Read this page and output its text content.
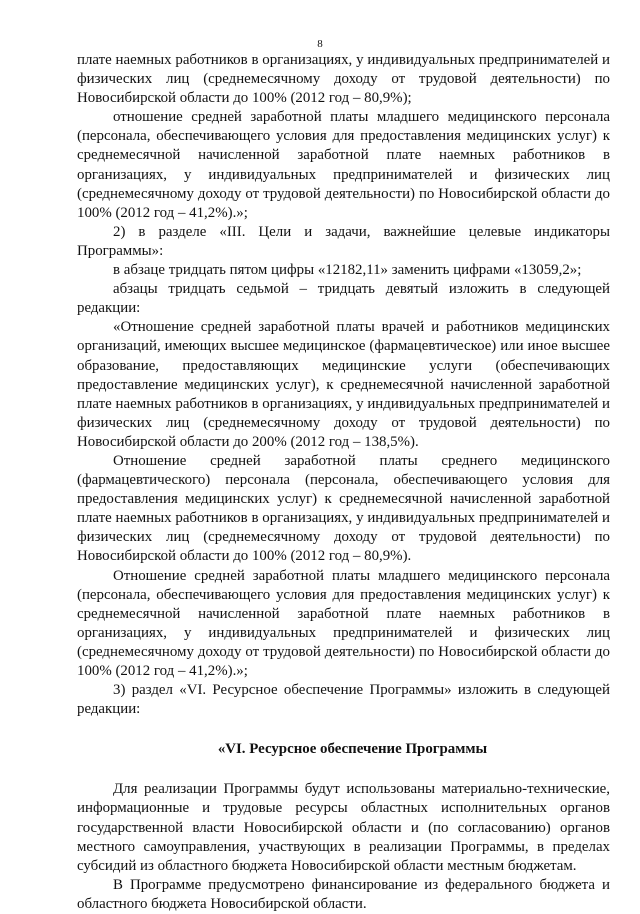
8

плате наемных работников в организациях, у индивидуальных предпринимателей и физических лиц (среднемесячному доходу от трудовой деятельности) по Новосибирской области до 100% (2012 год – 80,9%);

отношение средней заработной платы младшего медицинского персонала (персонала, обеспечивающего условия для предоставления медицинских услуг) к среднемесячной начисленной заработной плате наемных работников в организациях, у индивидуальных предпринимателей и физических лиц (среднемесячному доходу от трудовой деятельности) по Новосибирской области до 100% (2012 год – 41,2%).»;

2) в разделе «III. Цели и задачи, важнейшие целевые индикаторы Программы»:

в абзаце тридцать пятом цифры «12182,11» заменить цифрами «13059,2»;

абзацы тридцать седьмой – тридцать девятый изложить в следующей редакции:

«Отношение средней заработной платы врачей и работников медицинских организаций, имеющих высшее медицинское (фармацевтическое) или иное высшее образование, предоставляющих медицинские услуги (обеспечивающих предоставление медицинских услуг), к среднемесячной начисленной заработной плате наемных работников в организациях, у индивидуальных предпринимателей и физических лиц (среднемесячному доходу от трудовой деятельности) по Новосибирской области до 200% (2012 год – 138,5%).

Отношение средней заработной платы среднего медицинского (фармацевтического) персонала (персонала, обеспечивающего условия для предоставления медицинских услуг) к среднемесячной начисленной заработной плате наемных работников в организациях, у индивидуальных предпринимателей и физических лиц (среднемесячному доходу от трудовой деятельности) по Новосибирской области до 100% (2012 год – 80,9%).

Отношение средней заработной платы младшего медицинского персонала (персонала, обеспечивающего условия для предоставления медицинских услуг) к среднемесячной начисленной заработной плате наемных работников в организациях, у индивидуальных предпринимателей и физических лиц (среднемесячному доходу от трудовой деятельности) по Новосибирской области до 100% (2012 год – 41,2%).»;

3) раздел «VI. Ресурсное обеспечение Программы» изложить в следующей редакции:

«VI. Ресурсное обеспечение Программы

Для реализации Программы будут использованы материально-технические, информационные и трудовые ресурсы областных исполнительных органов государственной власти Новосибирской области и (по согласованию) органов местного самоуправления, участвующих в реализации Программы, в пределах субсидий из областного бюджета Новосибирской области местным бюджетам.

В Программе предусмотрено финансирование из федерального бюджета и областного бюджета Новосибирской области.
